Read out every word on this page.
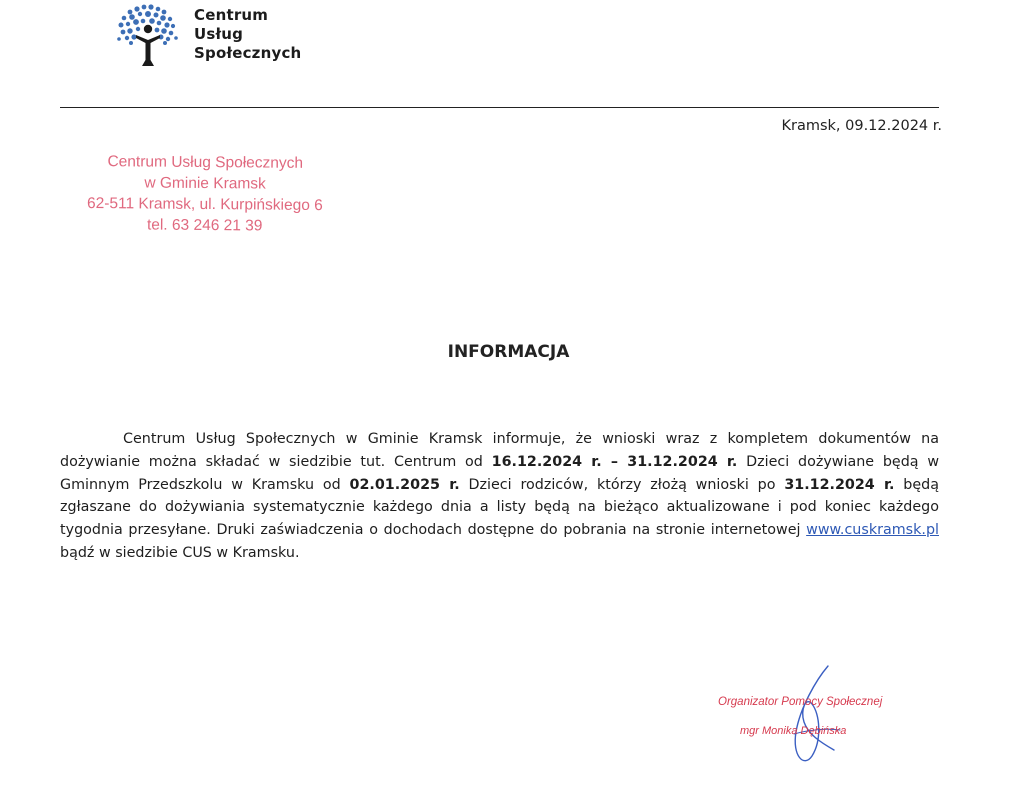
Centrum
Usług
Społecznych
Kramsk, 09.12.2024 r.
Centrum Usług Społecznych
w Gminie Kramsk
62-511 Kramsk, ul. Kurpińskiego 6
tel. 63 246 21 39
INFORMACJA

Centrum Usług Społecznych w Gminie Kramsk informuje, że wnioski wraz z kompletem dokumentów na dożywianie można składać w siedzibie tut. Centrum od 16.12.2024 r. – 31.12.2024 r. Dzieci dożywiane będą w Gminnym Przedszkolu w Kramsku od 02.01.2025 r. Dzieci rodziców, którzy złożą wnioski po 31.12.2024 r. będą zgłaszane do dożywiania systematycznie każdego dnia a listy będą na bieżąco aktualizowane i pod koniec każdego tygodnia przesyłane. Druki zaświadczenia o dochodach dostępne do pobrania na stronie internetowej www.cuskramsk.pl bądź w siedzibie CUS w Kramsku.

Organizator Pomocy Społecznej
mgr Monika Dębińska
